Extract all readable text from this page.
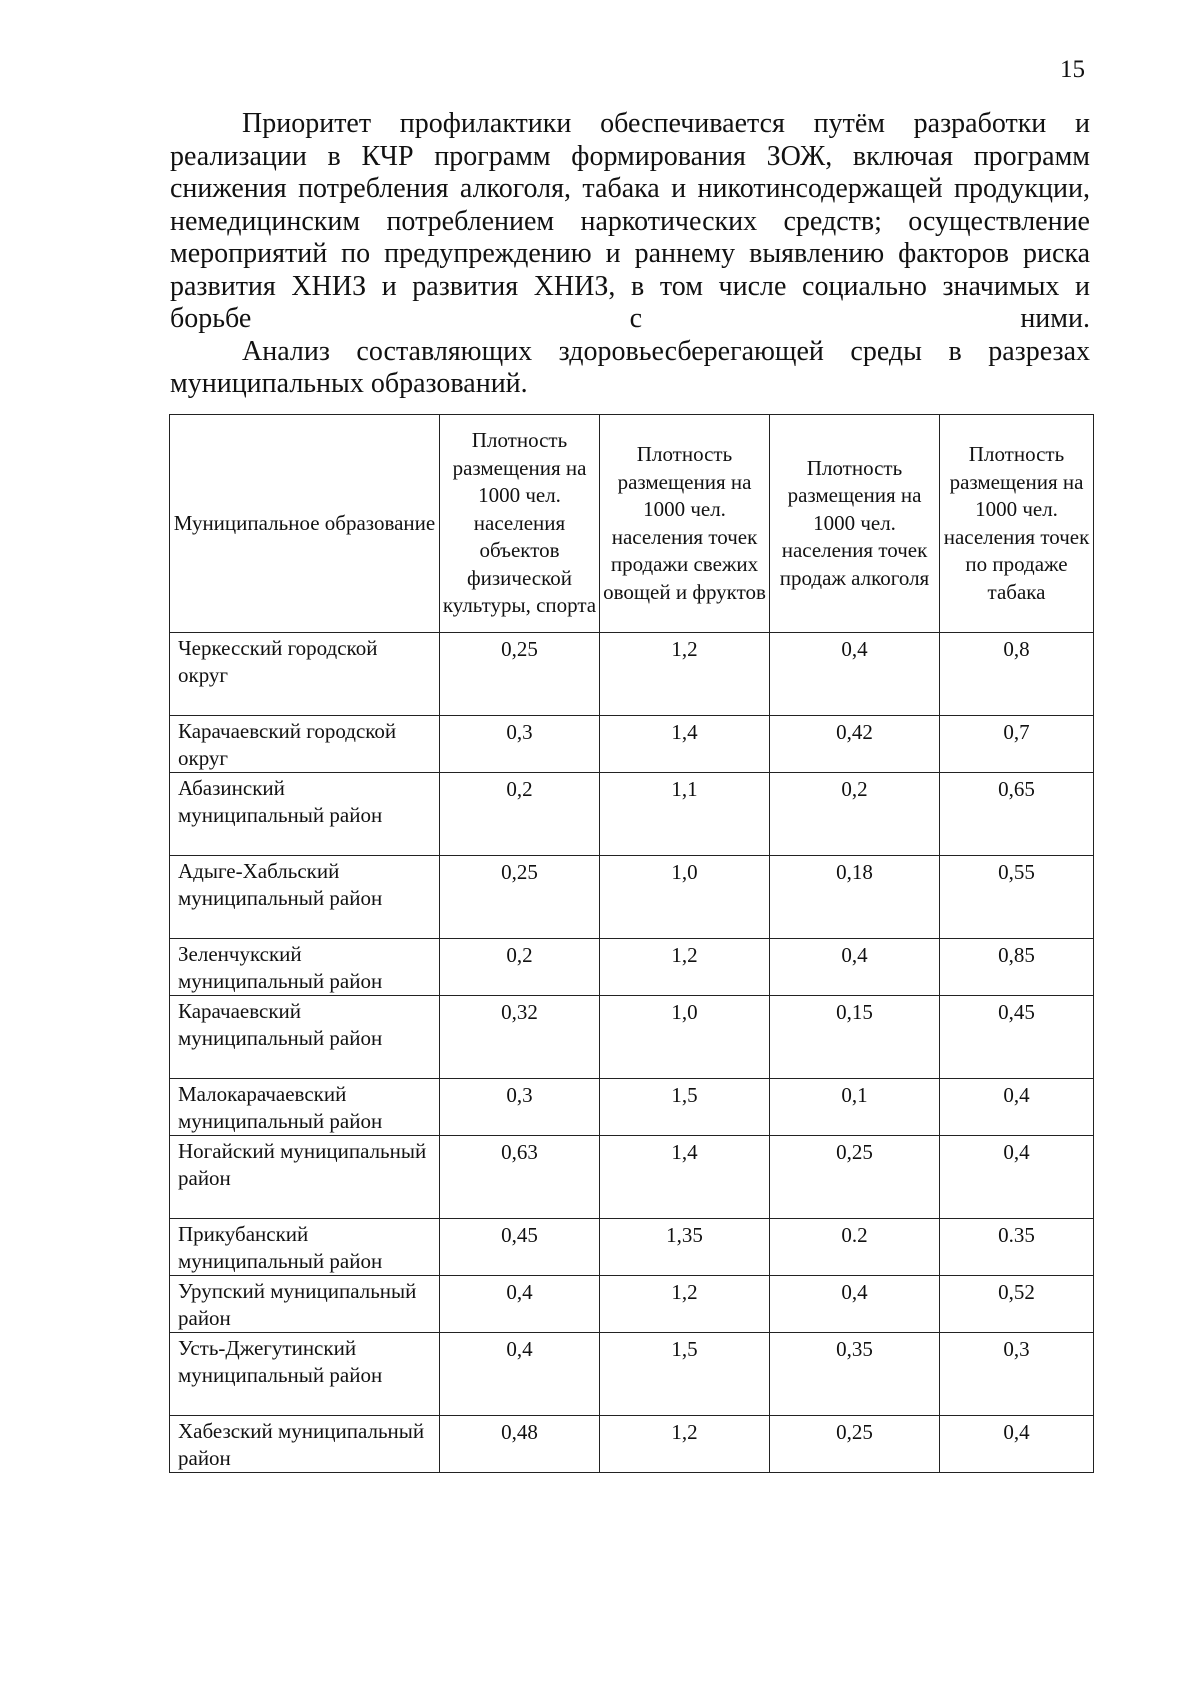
15

Приоритет профилактики обеспечивается путём разработки и реализации в КЧР программ формирования ЗОЖ, включая программ снижения потребления алкоголя, табака и никотинсодержащей продукции, немедицинским потреблением наркотических средств; осуществление мероприятий по предупреждению и раннему выявлению факторов риска развития ХНИЗ и развития ХНИЗ, в том числе социально значимых и борьбе с ними.

Анализ составляющих здоровьесберегающей среды в разрезах муниципальных образований.

Муниципальное образование	Плотность размещения на 1000 чел. населения объектов физической культуры, спорта	Плотность размещения на 1000 чел. населения точек продажи свежих овощей и фруктов	Плотность размещения на 1000 чел. населения точек продаж алкоголя	Плотность размещения на 1000 чел. населения точек по продаже табака
Черкесский городской округ	0,25	1,2	0,4	0,8
Карачаевский городской округ	0,3	1,4	0,42	0,7
Абазинский муниципальный район	0,2	1,1	0,2	0,65
Адыге-Хабльский муниципальный район	0,25	1,0	0,18	0,55
Зеленчукский муниципальный район	0,2	1,2	0,4	0,85
Карачаевский муниципальный район	0,32	1,0	0,15	0,45
Малокарачаевский муниципальный район	0,3	1,5	0,1	0,4
Ногайский муниципальный район	0,63	1,4	0,25	0,4
Прикубанский муниципальный район	0,45	1,35	0.2	0.35
Урупский муниципальный район	0,4	1,2	0,4	0,52
Усть-Джегутинский муниципальный район	0,4	1,5	0,35	0,3
Хабезский муниципальный район	0,48	1,2	0,25	0,4
